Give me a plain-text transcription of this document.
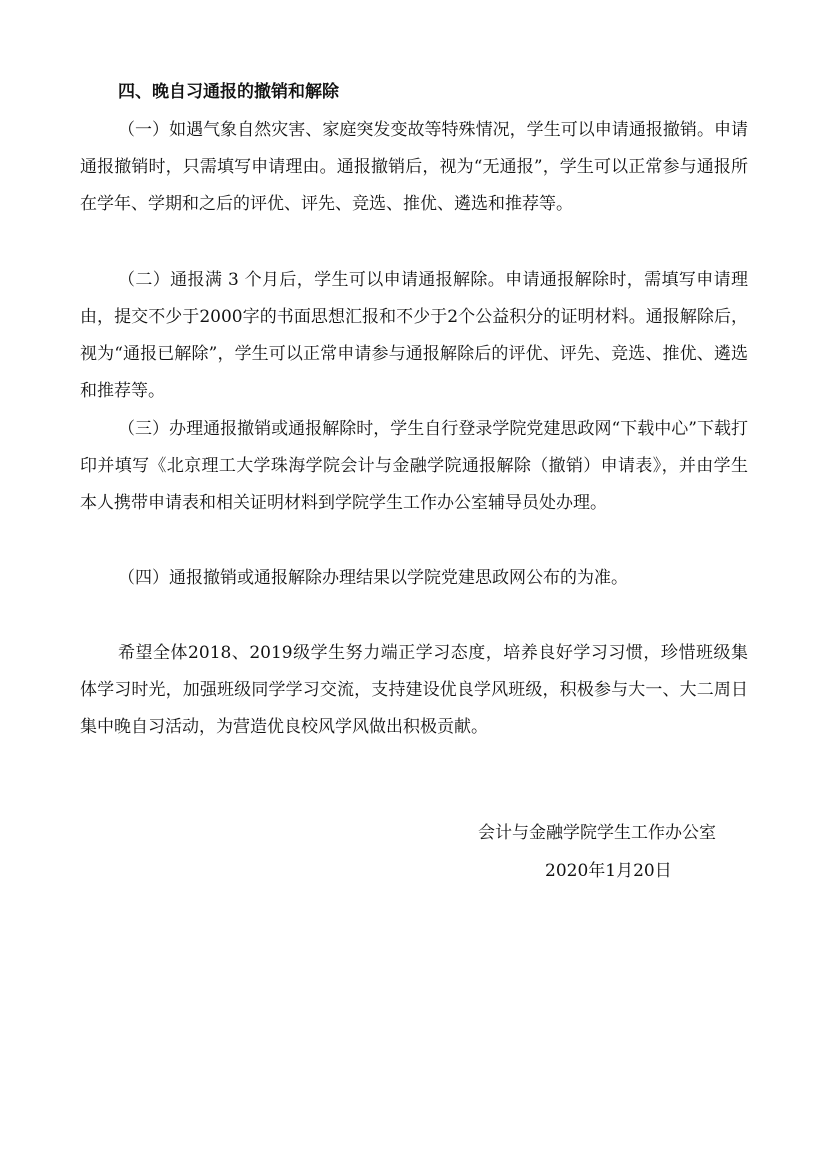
四、晚自习通报的撤销和解除

（一）如遇气象自然灾害、家庭突发变故等特殊情况，学生可以申请通报撤销。申请通报撤销时，只需填写申请理由。通报撤销后，视为“无通报”，学生可以正常参与通报所在学年、学期和之后的评优、评先、竞选、推优、遴选和推荐等。

（二）通报满 3 个月后，学生可以申请通报解除。申请通报解除时，需填写申请理由，提交不少于2000字的书面思想汇报和不少于2个公益积分的证明材料。通报解除后，视为“通报已解除”，学生可以正常申请参与通报解除后的评优、评先、竞选、推优、遴选和推荐等。

（三）办理通报撤销或通报解除时，学生自行登录学院党建思政网“下载中心”下载打印并填写《北京理工大学珠海学院会计与金融学院通报解除（撤销）申请表》，并由学生本人携带申请表和相关证明材料到学院学生工作办公室辅导员处办理。

（四）通报撤销或通报解除办理结果以学院党建思政网公布的为准。

希望全体2018、2019级学生努力端正学习态度，培养良好学习习惯，珍惜班级集体学习时光，加强班级同学学习交流，支持建设优良学风班级，积极参与大一、大二周日集中晚自习活动，为营造优良校风学风做出积极贡献。

会计与金融学院学生工作办公室
2020年1月20日
